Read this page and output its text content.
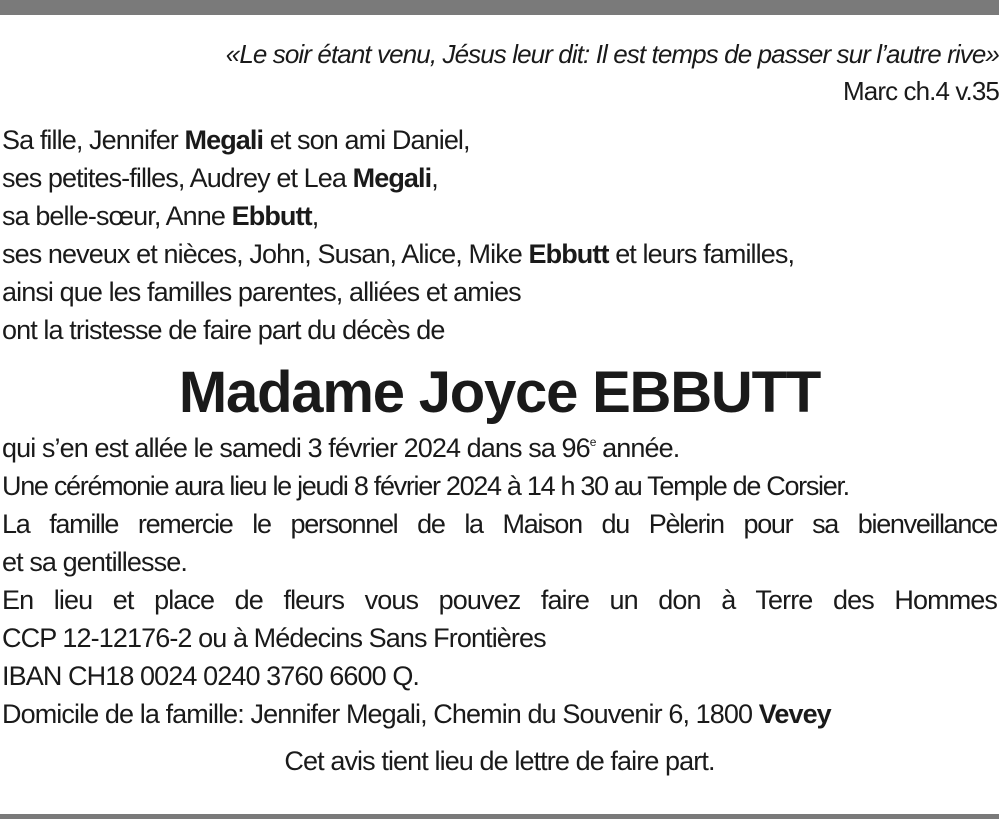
«Le soir étant venu, Jésus leur dit: Il est temps de passer sur l’autre rive»
Marc ch.4 v.35
Sa fille, Jennifer Megali et son ami Daniel,
ses petites-filles, Audrey et Lea Megali,
sa belle-sœur, Anne Ebbutt,
ses neveux et nièces, John, Susan, Alice, Mike Ebbutt et leurs familles,
ainsi que les familles parentes, alliées et amies
ont la tristesse de faire part du décès de
Madame Joyce EBBUTT
qui s’en est allée le samedi 3 février 2024 dans sa 96e année.
Une cérémonie aura lieu le jeudi 8 février 2024 à 14 h 30 au Temple de Corsier.
La famille remercie le personnel de la Maison du Pèlerin pour sa bienveillance
et sa gentillesse.
En lieu et place de fleurs vous pouvez faire un don à Terre des Hommes
CCP 12-12176-2 ou à Médecins Sans Frontières
IBAN CH18 0024 0240 3760 6600 Q.
Domicile de la famille: Jennifer Megali, Chemin du Souvenir 6, 1800 Vevey
Cet avis tient lieu de lettre de faire part.
